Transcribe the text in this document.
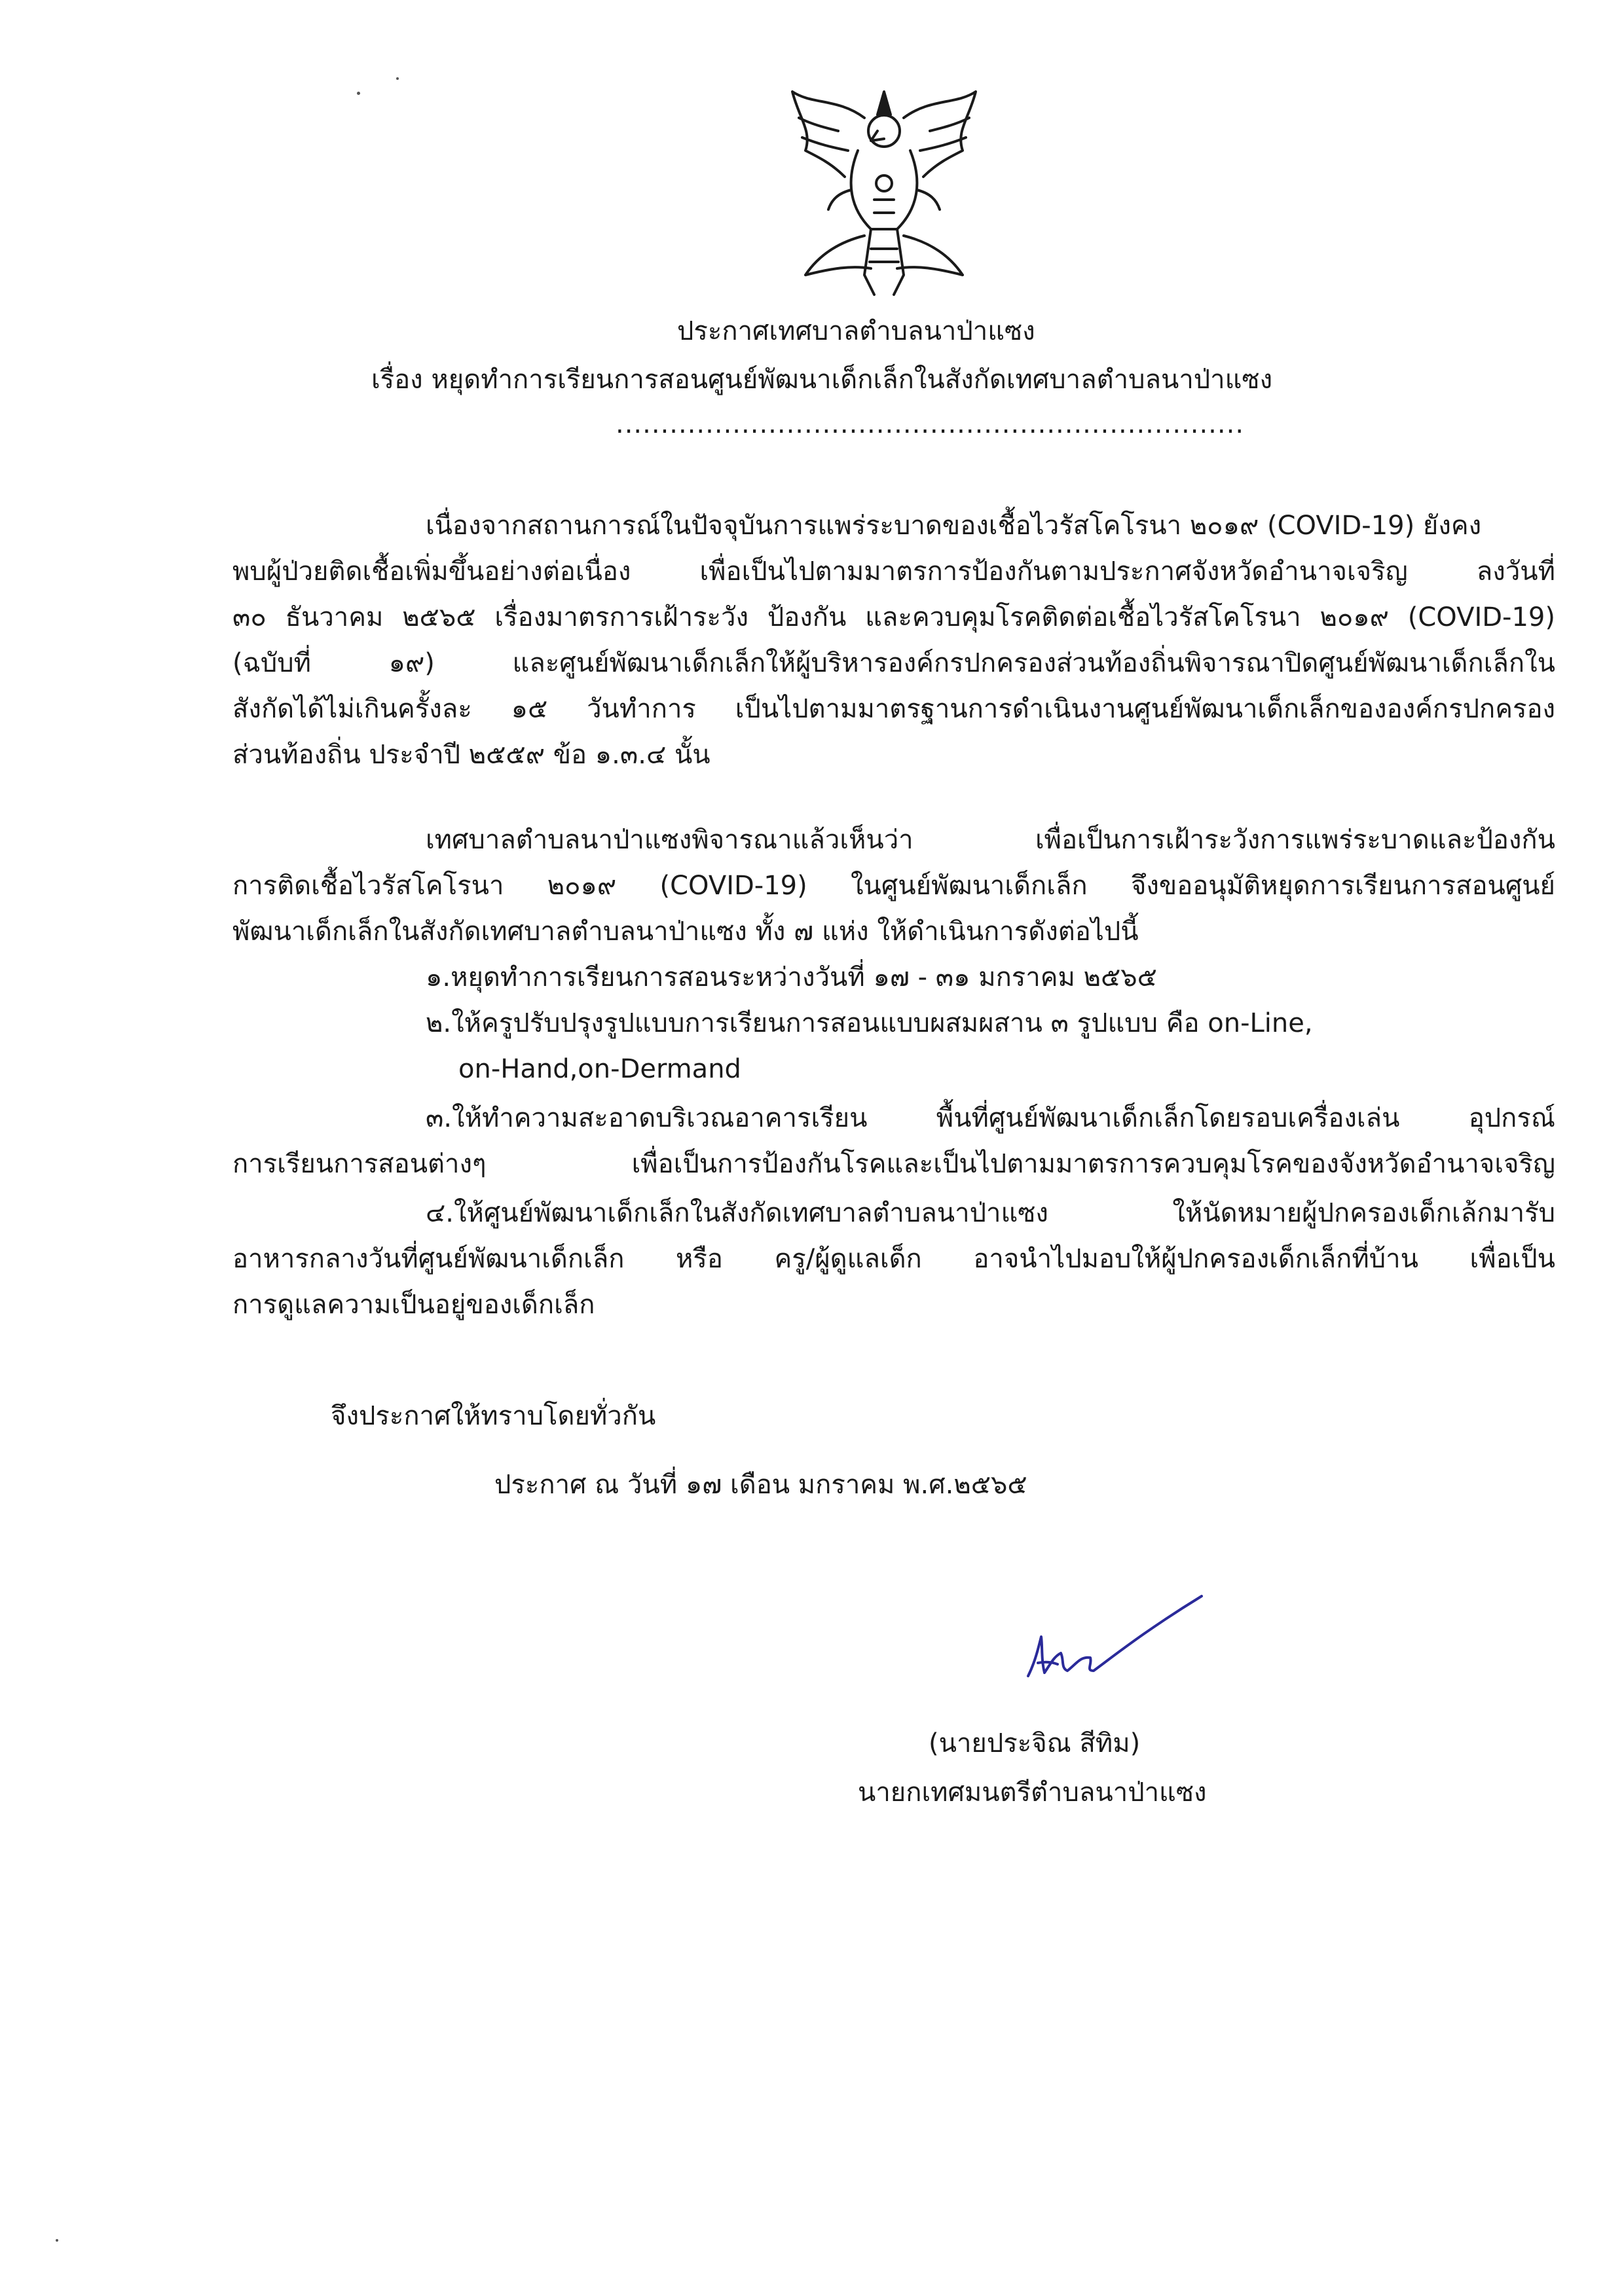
ประกาศเทศบาลตำบลนาป่าแซง
เรื่อง หยุดทำการเรียนการสอนศูนย์พัฒนาเด็กเล็กในสังกัดเทศบาลตำบลนาป่าแซง
......................................................................
เนื่องจากสถานการณ์ในปัจจุบันการแพร่ระบาดของเชื้อไวรัสโคโรนา ๒๐๑๙ (COVID-19) ยังคง
พบผู้ป่วยติดเชื้อเพิ่มขึ้นอย่างต่อเนื่อง เพื่อเป็นไปตามมาตรการป้องกันตามประกาศจังหวัดอำนาจเจริญ ลงวันที่
๓๐ ธันวาคม ๒๕๖๕ เรื่องมาตรการเฝ้าระวัง ป้องกัน และควบคุมโรคติดต่อเชื้อไวรัสโคโรนา ๒๐๑๙ (COVID-19)
(ฉบับที่ ๑๙) และศูนย์พัฒนาเด็กเล็กให้ผู้บริหารองค์กรปกครองส่วนท้องถิ่นพิจารณาปิดศูนย์พัฒนาเด็กเล็กใน
สังกัดได้ไม่เกินครั้งละ ๑๕ วันทำการ เป็นไปตามมาตรฐานการดำเนินงานศูนย์พัฒนาเด็กเล็กขององค์กรปกครอง
ส่วนท้องถิ่น ประจำปี ๒๕๕๙ ข้อ ๑.๓.๔ นั้น
เทศบาลตำบลนาป่าแซงพิจารณาแล้วเห็นว่า เพื่อเป็นการเฝ้าระวังการแพร่ระบาดและป้องกัน
การติดเชื้อไวรัสโคโรนา ๒๐๑๙ (COVID-19) ในศูนย์พัฒนาเด็กเล็ก จึงขออนุมัติหยุดการเรียนการสอนศูนย์
พัฒนาเด็กเล็กในสังกัดเทศบาลตำบลนาป่าแซง ทั้ง ๗ แห่ง ให้ดำเนินการดังต่อไปนี้
๑.หยุดทำการเรียนการสอนระหว่างวันที่ ๑๗ - ๓๑ มกราคม ๒๕๖๕
๒.ให้ครูปรับปรุงรูปแบบการเรียนการสอนแบบผสมผสาน ๓ รูปแบบ คือ on-Line,
on-Hand,on-Dermand
๓.ให้ทำความสะอาดบริเวณอาคารเรียน พื้นที่ศูนย์พัฒนาเด็กเล็กโดยรอบเครื่องเล่น อุปกรณ์
การเรียนการสอนต่างๆ เพื่อเป็นการป้องกันโรคและเป็นไปตามมาตรการควบคุมโรคของจังหวัดอำนาจเจริญ
๔.ให้ศูนย์พัฒนาเด็กเล็กในสังกัดเทศบาลตำบลนาป่าแซง ให้นัดหมายผู้ปกครองเด็กเล้กมารับ
อาหารกลางวันที่ศูนย์พัฒนาเด็กเล็ก หรือ ครู/ผู้ดูแลเด็ก อาจนำไปมอบให้ผู้ปกครองเด็กเล็กที่บ้าน เพื่อเป็น
การดูแลความเป็นอยู่ของเด็กเล็ก
จึงประกาศให้ทราบโดยทั่วกัน
ประกาศ ณ วันที่ ๑๗ เดือน มกราคม พ.ศ.๒๕๖๕
(นายประจิณ สีทิม)
นายกเทศมนตรีตำบลนาป่าแซง
